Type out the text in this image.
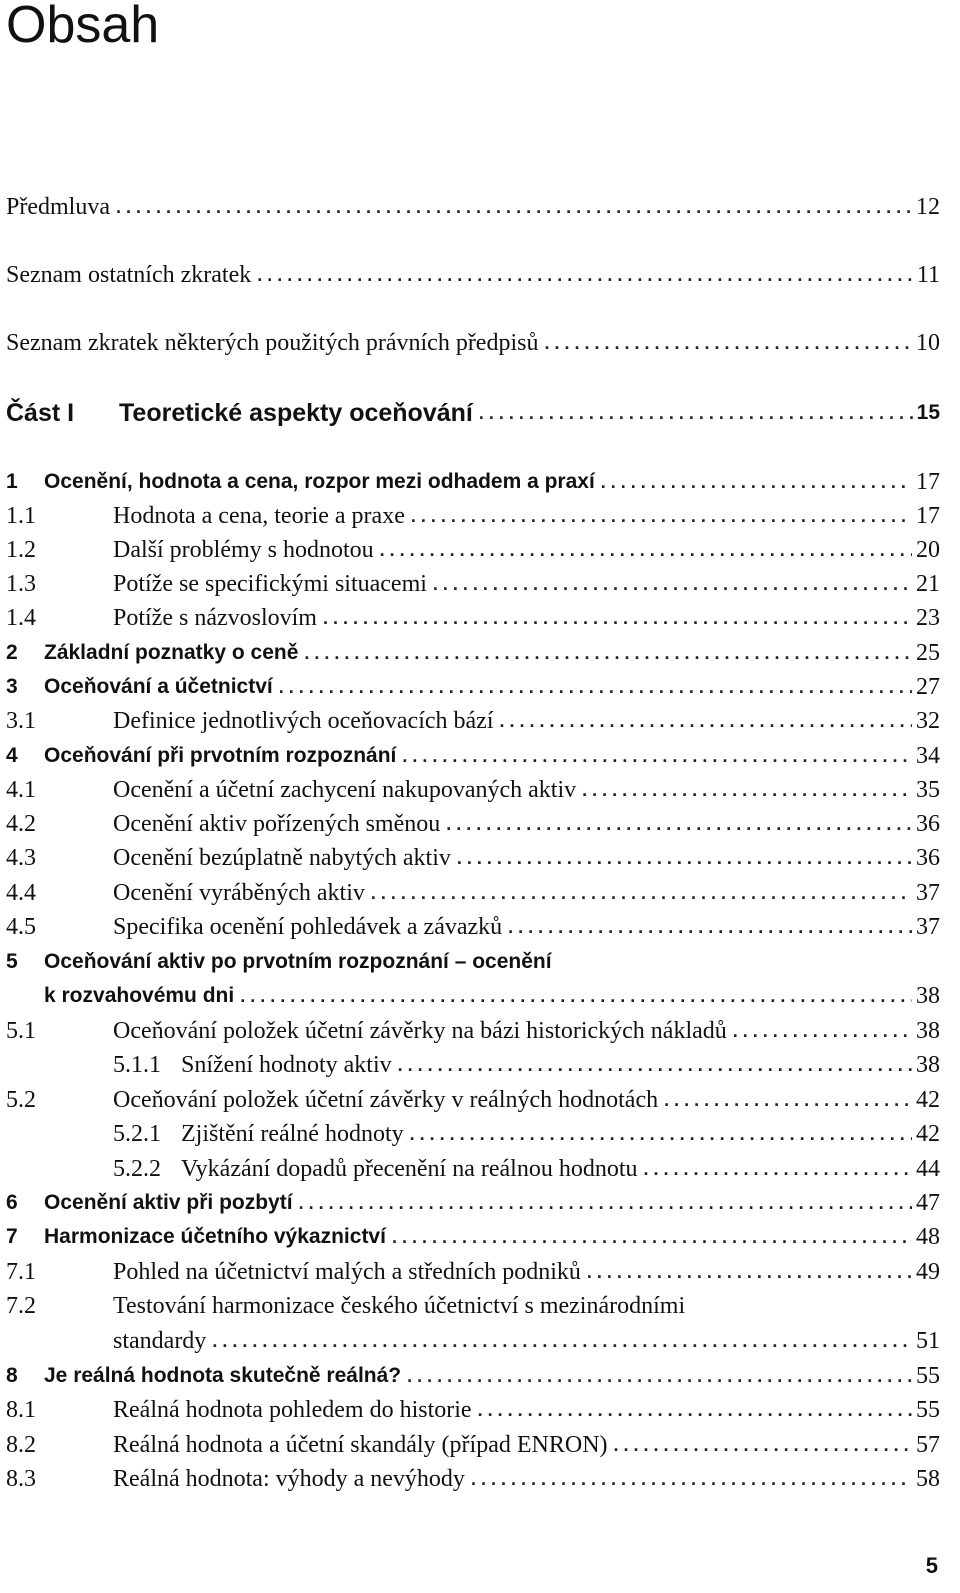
Obsah
Předmluva . . .	12
Seznam ostatních zkratek . . .	11
Seznam zkratek některých použitých právních předpisů . . .	10
Část I	Teoretické aspekty oceňování . . .	15
1	Ocenění, hodnota a cena, rozpor mezi odhadem a praxí . . .	17
1.1	Hodnota a cena, teorie a praxe . . .	17
1.2	Další problémy s hodnotou . . .	20
1.3	Potíže se specifickými situacemi . . .	21
1.4	Potíže s názvoslovím . . .	23
2	Základní poznatky o ceně . . .	25
3	Oceňování a účetnictví . . .	27
3.1	Definice jednotlivých oceňovacích bází . . .	32
4	Oceňování při prvotním rozpoznání . . .	34
4.1	Ocenění a účetní zachycení nakupovaných aktiv . . .	35
4.2	Ocenění aktiv pořízených směnou . . .	36
4.3	Ocenění bezúplatně nabytých aktiv . . .	36
4.4	Ocenění vyráběných aktiv . . .	37
4.5	Specifika ocenění pohledávek a závazků . . .	37
5	Oceňování aktiv po prvotním rozpoznání – ocenění
k rozvahovému dni . . .	38
5.1	Oceňování položek účetní závěrky na bázi historických nákladů . . .	38
5.1.1 Snížení hodnoty aktiv . . .	38
5.2	Oceňování položek účetní závěrky v reálných hodnotách . . .	42
5.2.1 Zjištění reálné hodnoty . . .	42
5.2.2 Vykázání dopadů přecenění na reálnou hodnotu . . .	44
6	Ocenění aktiv při pozbytí . . .	47
7	Harmonizace účetního výkaznictví . . .	48
7.1	Pohled na účetnictví malých a středních podniků . . .	49
7.2	Testování harmonizace českého účetnictví s mezinárodními
standardy . . .	51
8	Je reálná hodnota skutečně reálná? . . .	55
8.1	Reálná hodnota pohledem do historie . . .	55
8.2	Reálná hodnota a účetní skandály (případ ENRON) . . .	57
8.3	Reálná hodnota: výhody a nevýhody . . .	58
5
